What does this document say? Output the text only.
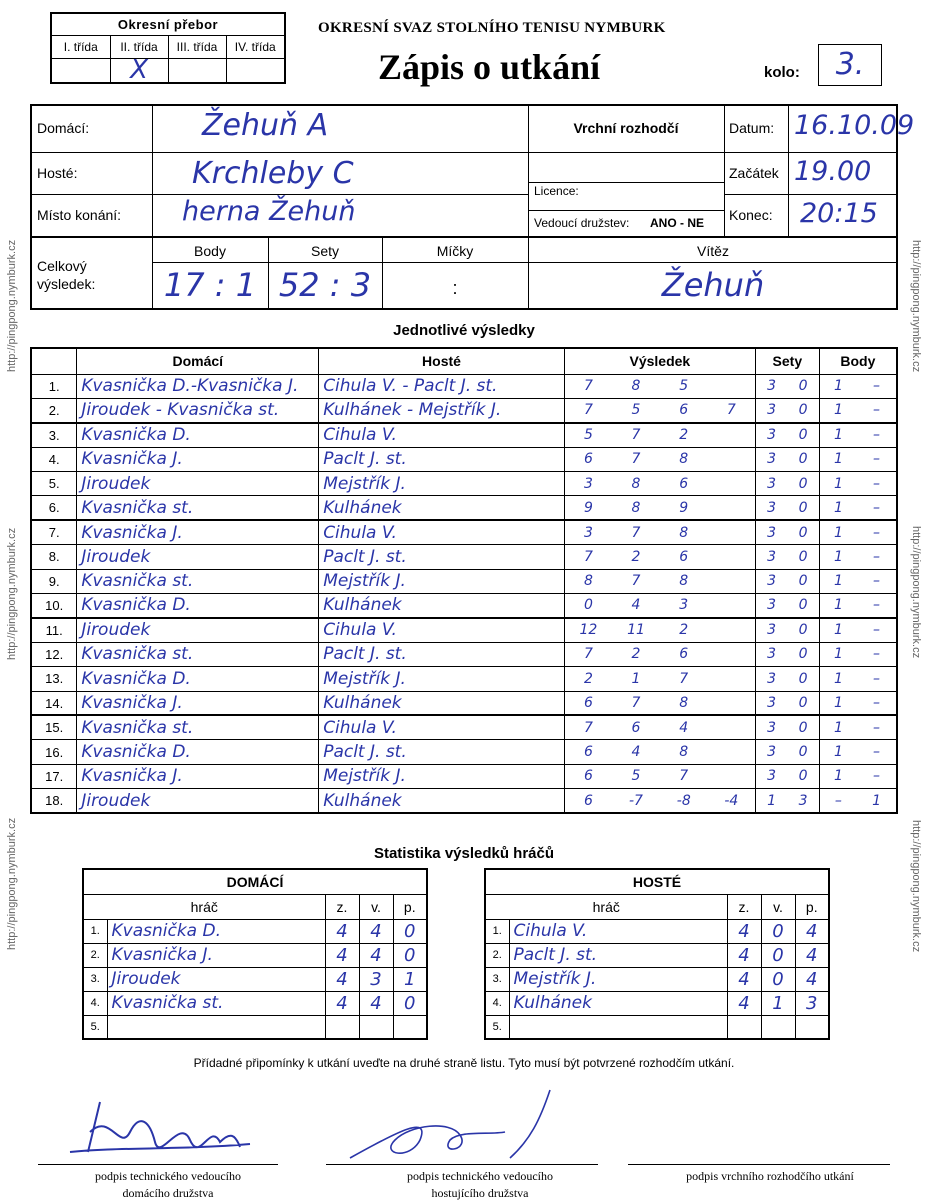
Okresní přebor
I. třída	II. třída	III. třída	IV. třída
	X		
OKRESNÍ SVAZ STOLNÍHO TENISU NYMBURK
Zápis o utkání	kolo:	3.
Domácí:	Žehuň A
Hosté:	Krchleby C
Místo konání: herna Žehuň
Vrchní rozhodčí
Licence:
Vedoucí družstev: ANO - NE
Datum: 16.10.09
Začátek 19.00
Konec: 20:15
Celkový výsledek:
Body
17 : 1
Sety
52 : 3
Míčky
:
Vítěz
Žehuň
Jednotlivé výsledky
	Domácí	Hosté	Výsledek				Sety		Body	
1.	Kvasnička D.-Kvasnička J.	Cihula V. - Paclt J. st.	7	8	5		3	0	1	–
2.	Jiroudek - Kvasnička st.	Kulhánek - Mejstřík J.	7	5	6	7	3	0	1	–
3.	Kvasnička D.	Cihula V.	5	7	2		3	0	1	–
4.	Kvasnička J.	Paclt J. st.	6	7	8		3	0	1	–
5.	Jiroudek	Mejstřík J.	3	8	6		3	0	1	–
6.	Kvasnička st.	Kulhánek	9	8	9		3	0	1	–
7.	Kvasnička J.	Cihula V.	3	7	8		3	0	1	–
8.	Jiroudek	Paclt J. st.	7	2	6		3	0	1	–
9.	Kvasnička st.	Mejstřík J.	8	7	8		3	0	1	–
10.	Kvasnička D.	Kulhánek	0	4	3		3	0	1	–
11.	Jiroudek	Cihula V.	12	11	2		3	0	1	–
12.	Kvasnička st.	Paclt J. st.	7	2	6		3	0	1	–
13.	Kvasnička D.	Mejstřík J.	2	1	7		3	0	1	–
14.	Kvasnička J.	Kulhánek	6	7	8		3	0	1	–
15.	Kvasnička st.	Cihula V.	7	6	4		3	0	1	–
16.	Kvasnička D.	Paclt J. st.	6	4	8		3	0	1	–
17.	Kvasnička J.	Mejstřík J.	6	5	7		3	0	1	–
18.	Jiroudek	Kulhánek	6	-7	-8	-4	1	3	–	1
Statistika výsledků hráčů
DOMÁCÍ				
hráč		z.	v.	p.
1.	Kvasnička D.	4	4	0
2.	Kvasnička J.	4	4	0
3.	Jiroudek	4	3	1
4.	Kvasnička st.	4	4	0
5.				
HOSTÉ				
hráč		z.	v.	p.
1.	Cihula V.	4	0	4
2.	Paclt J. st.	4	0	4
3.	Mejstřík J.	4	0	4
4.	Kulhánek	4	1	3
5.				
Přídadné připomínky k utkání uveďte na druhé straně listu. Tyto musí být potvrzené rozhodčím utkání.
podpis technického vedoucího domácího družstva
podpis technického vedoucího hostujícího družstva
podpis vrchního rozhodčího utkání
http://pingpong.nymburk.cz
http://pingpong.nymburk.cz
http://pingpong.nymburk.cz
http://pingpong.nymburk.cz
http://pingpong.nymburk.cz
http://pingpong.nymburk.cz
